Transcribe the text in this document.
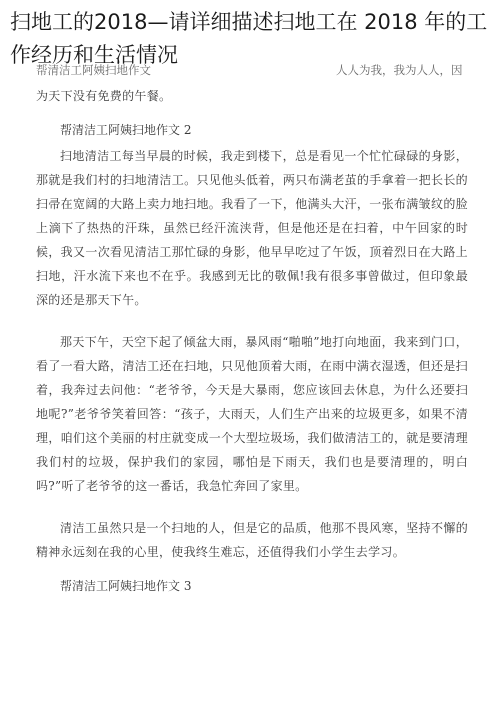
扫地工的2018—请详细描述扫地工在 2018 年的工作经历和生活情况
帮清洁工阿姨扫地作文	人人为我，我为人人，因

为天下没有免费的午餐。

帮清洁工阿姨扫地作文 2

扫地清洁工每当早晨的时候，我走到楼下，总是看见一个忙忙碌碌的身影，那就是我们村的扫地清洁工。只见他头低着，两只布满老茧的手拿着一把长长的扫帚在宽阔的大路上卖力地扫地。我看了一下，他满头大汗，一张布满皱纹的脸上滴下了热热的汗珠，虽然已经汗流浃背，但是他还是在扫着，中午回家的时候，我又一次看见清洁工那忙碌的身影，他早早吃过了午饭，顶着烈日在大路上扫地，汗水流下来也不在乎。我感到无比的敬佩!我有很多事曾做过，但印象最深的还是那天下午。

那天下午，天空下起了倾盆大雨，暴风雨“啪啪”地打向地面，我来到门口，看了一看大路，清洁工还在扫地，只见他顶着大雨，在雨中满衣湿透，但还是扫着，我奔过去问他：“老爷爷，今天是大暴雨，您应该回去休息，为什么还要扫地呢?”老爷爷笑着回答：“孩子，大雨天，人们生产出来的垃圾更多，如果不清理，咱们这个美丽的村庄就变成一个大型垃圾场，我们做清洁工的，就是要清理我们村的垃圾，保护我们的家园，哪怕是下雨天，我们也是要清理的，明白吗?”听了老爷爷的这一番话，我急忙奔回了家里。

清洁工虽然只是一个扫地的人，但是它的品质，他那不畏风寒，坚持不懈的精神永远刻在我的心里，使我终生难忘，还值得我们小学生去学习。

帮清洁工阿姨扫地作文 3
